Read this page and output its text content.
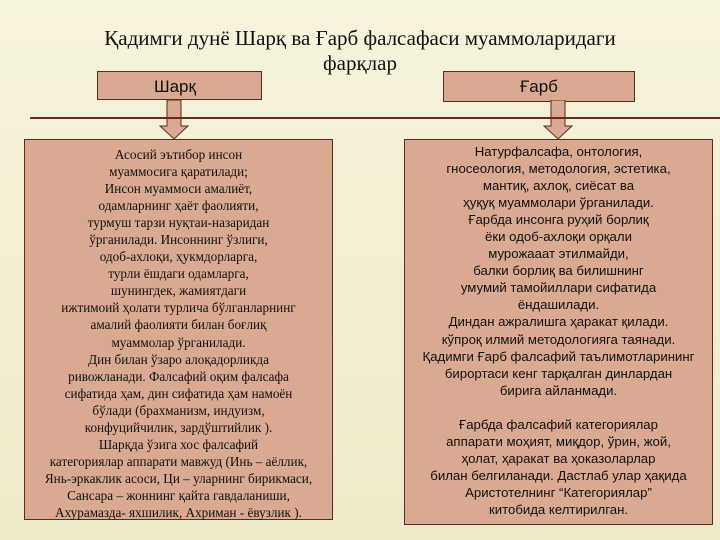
Қадимги дунё Шарқ ва Ғарб фалсафаси муаммоларидаги
фарқлар
Шарқ	Ғарб
Асосий эътибор инсон
муаммосига қаратилади;
Инсон муаммоси амалиёт,
одамларнинг ҳаёт фаолияти,
турмуш тарзи нуқтаи-назаридан
ўрганилади. Инсоннинг ўзлиги,
одоб-ахлоқи, ҳукмдорларга,
турли ёшдаги одамларга,
шунингдек, жамиятдаги
ижтимоий ҳолати турлича бўлганларнинг
амалий фаолияти билан боғлиқ
муаммолар ўрганилади.
Дин билан ўзаро алоқадорликда
ривожланади. Фалсафий оқим фалсафа
сифатида ҳам, дин сифатида ҳам намоён
бўлади (брахманизм, индуизм,
конфуцийчилик, зардўштийлик ).
Шарқда ўзига хос фалсафий
категориялар аппарати мавжуд (Инь – аёллик,
Янь-эркаклик асоси, Ци – уларнинг бирикмаси,
Сансара – жоннинг қайта гавдаланиши,
Ахурамазда- яхшилик, Ахриман - ёвузлик ).
Натурфалсафа, онтология,
гносеология, методология, эстетика,
мантиқ, ахлоқ, сиёсат ва
ҳуқуқ муаммолари ўрганилади.
Ғарбда инсонга руҳий борлиқ
ёки одоб-ахлоқи орқали
мурожааат этилмайди,
балки борлиқ ва билишнинг
умумий тамойиллари сифатида
ёндашилади.
Диндан ажралишга ҳаракат қилади.
кўпроқ илмий методологияга таянади.
Қадимги Ғарб фалсафий таълимотларининг
бирортаси кенг тарқалган динлардан
бирига айланмади.
Ғарбда фалсафий категориялар
аппарати моҳият, миқдор, ўрин, жой,
ҳолат, ҳаракат ва ҳоказоларлар
билан белгиланади. Дастлаб улар ҳақида
Аристотелнинг “Категориялар”
китобида келтирилган.
